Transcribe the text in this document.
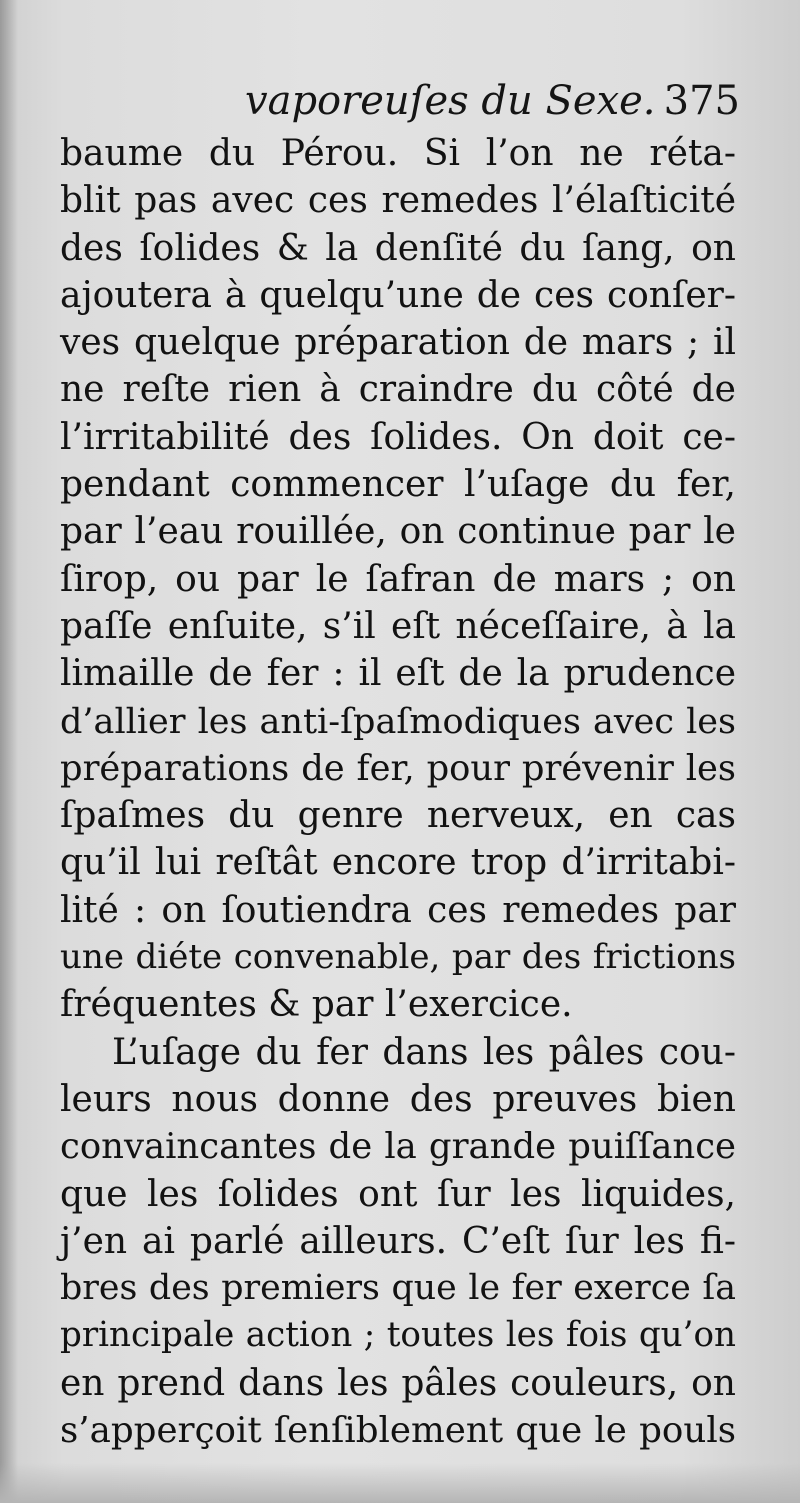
vaporeuſes du Sexe. 375
baume du Pérou. Si l’on ne réta-
blit pas avec ces remedes l’élaſticité
des ſolides & la denſité du ſang, on
ajoutera à quelqu’une de ces conſer-
ves quelque préparation de mars ; il
ne reſte rien à craindre du côté de
l’irritabilité des ſolides. On doit ce-
pendant commencer l’uſage du fer,
par l’eau rouillée, on continue par le
ſirop, ou par le ſafran de mars ; on
paſſe enſuite, s’il eſt néceſſaire, à la
limaille de fer : il eſt de la prudence
d’allier les anti-ſpaſmodiques avec les
préparations de fer, pour prévenir les
ſpaſmes du genre nerveux, en cas
qu’il lui reſtât encore trop d’irritabi-
lité : on ſoutiendra ces remedes par
une diéte convenable, par des frictions
fréquentes & par l’exercice.
L’uſage du fer dans les pâles cou-
leurs nous donne des preuves bien
convaincantes de la grande puiſſance
que les ſolides ont ſur les liquides,
j’en ai parlé ailleurs. C’eſt ſur les fi-
bres des premiers que le fer exerce ſa
principale action ; toutes les fois qu’on
en prend dans les pâles couleurs, on
s’apperçoit ſenſiblement que le pouls
